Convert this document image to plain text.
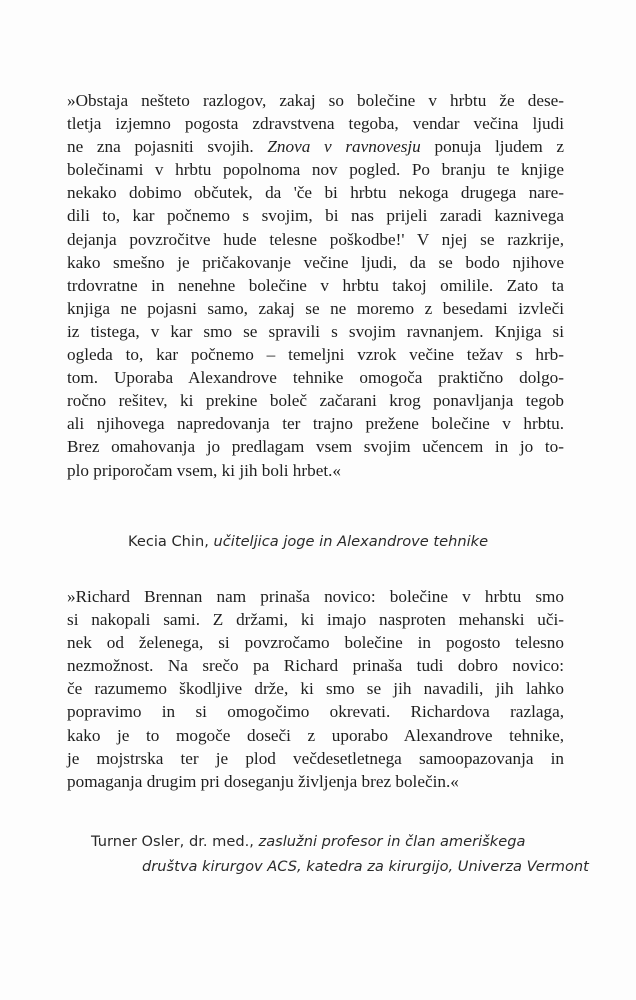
»Obstaja nešteto razlogov, zakaj so bolečine v hrbtu že dese-
tletja izjemno pogosta zdravstvena tegoba, vendar večina ljudi
ne zna pojasniti svojih. Znova v ravnovesju ponuja ljudem z
bolečinami v hrbtu popolnoma nov pogled. Po branju te knjige
nekako dobimo občutek, da 'če bi hrbtu nekoga drugega nare-
dili to, kar počnemo s svojim, bi nas prijeli zaradi kaznivega
dejanja povzročitve hude telesne poškodbe!' V njej se razkrije,
kako smešno je pričakovanje večine ljudi, da se bodo njihove
trdovratne in nenehne bolečine v hrbtu takoj omilile. Zato ta
knjiga ne pojasni samo, zakaj se ne moremo z besedami izvleči
iz tistega, v kar smo se spravili s svojim ravnanjem. Knjiga si
ogleda to, kar počnemo – temeljni vzrok večine težav s hrb-
tom. Uporaba Alexandrove tehnike omogoča praktično dolgo-
ročno rešitev, ki prekine boleč začarani krog ponavljanja tegob
ali njihovega napredovanja ter trajno prežene bolečine v hrbtu.
Brez omahovanja jo predlagam vsem svojim učencem in jo to-
plo priporočam vsem, ki jih boli hrbet.«
Kecia Chin, učiteljica joge in Alexandrove tehnike
»Richard Brennan nam prinaša novico: bolečine v hrbtu smo
si nakopali sami. Z držami, ki imajo nasproten mehanski uči-
nek od želenega, si povzročamo bolečine in pogosto telesno
nezmožnost. Na srečo pa Richard prinaša tudi dobro novico:
če razumemo škodljive drže, ki smo se jih navadili, jih lahko
popravimo in si omogočimo okrevati. Richardova razlaga,
kako je to mogoče doseči z uporabo Alexandrove tehnike,
je mojstrska ter je plod večdesetletnega samoopazovanja in
pomaganja drugim pri doseganju življenja brez bolečin.«
Turner Osler, dr. med., zaslužni profesor in član ameriškega
društva kirurgov ACS, katedra za kirurgijo, Univerza Vermont
